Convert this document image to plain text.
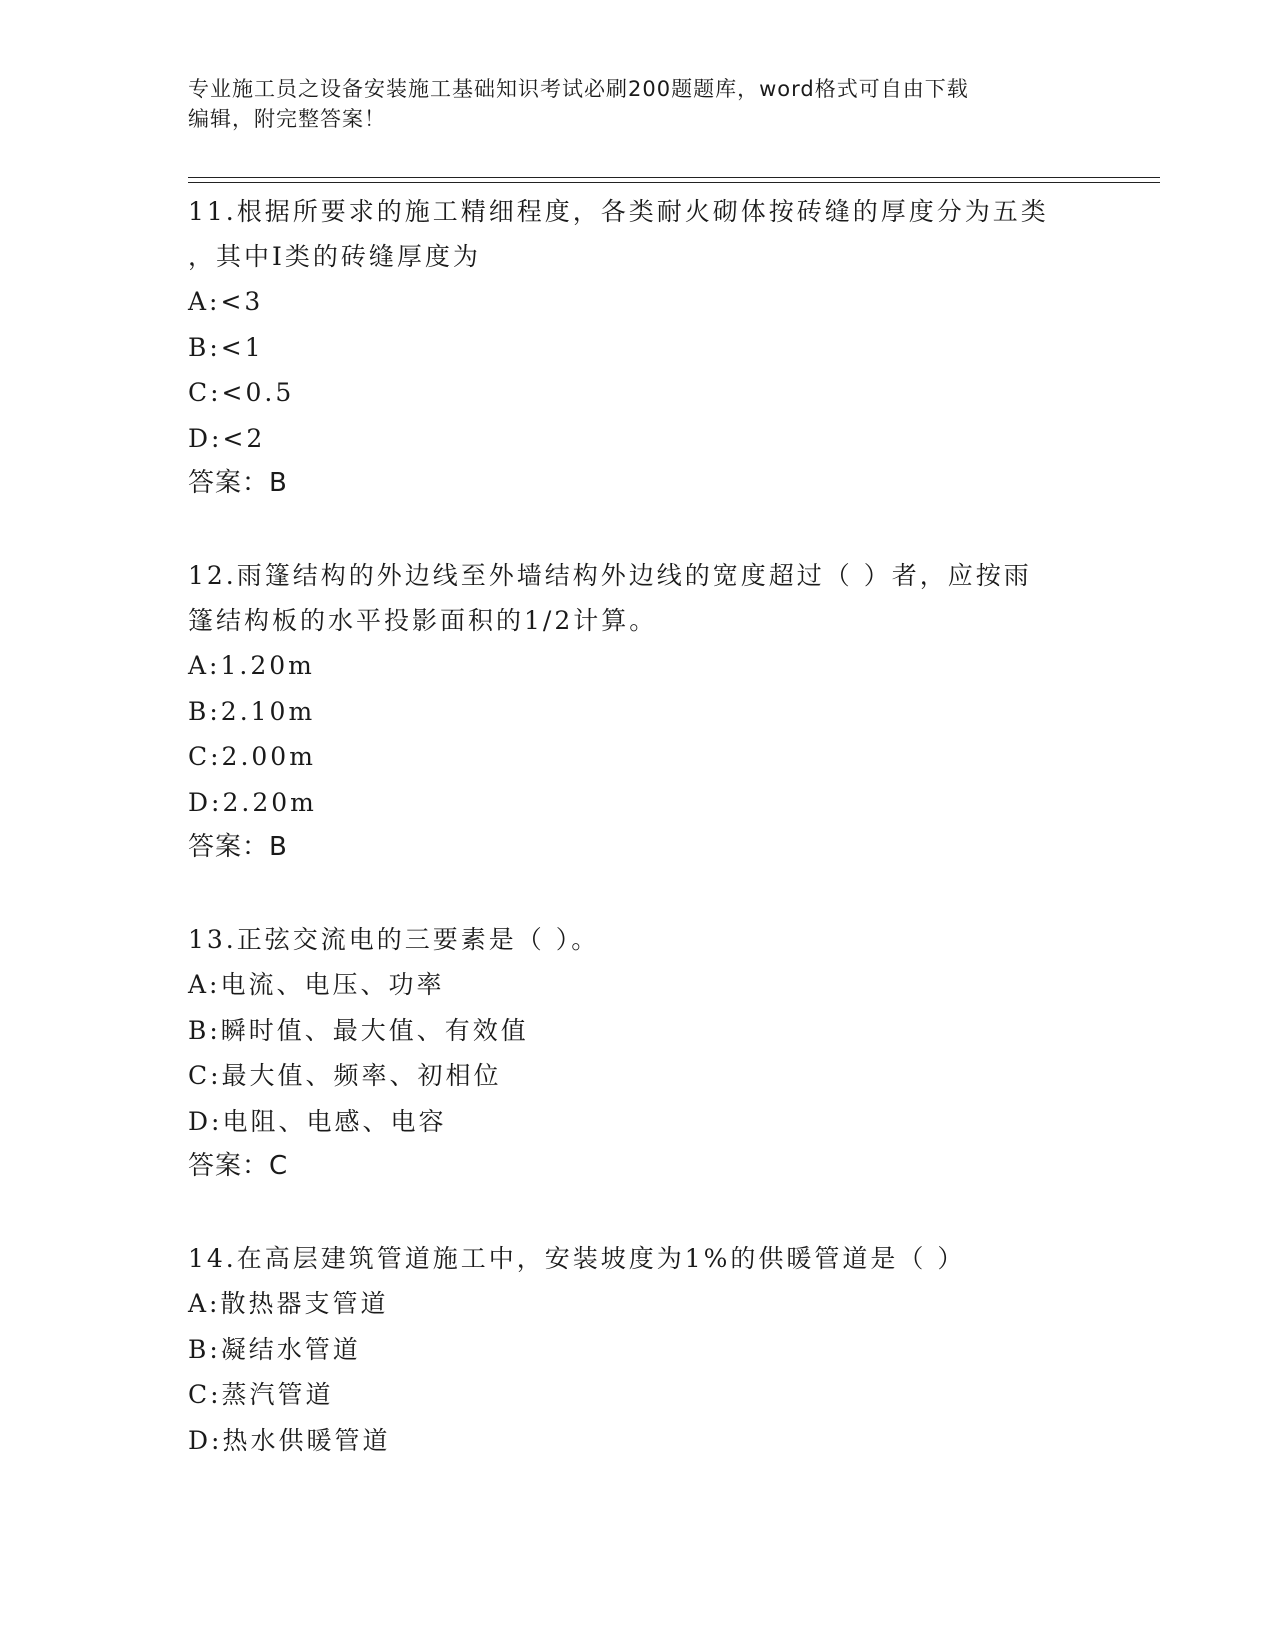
专业施工员之设备安装施工基础知识考试必刷200题题库，word格式可自由下载
编辑，附完整答案！
11.根据所要求的施工精细程度，各类耐火砌体按砖缝的厚度分为五类
，其中Ⅰ类的砖缝厚度为
A:<3
B:<1
C:<0.5
D:<2
答案：B
12.雨篷结构的外边线至外墙结构外边线的宽度超过（ ）者，应按雨
篷结构板的水平投影面积的1/2计算。
A:1.20m
B:2.10m
C:2.00m
D:2.20m
答案：B
13.正弦交流电的三要素是（ ）。
A:电流、电压、功率
B:瞬时值、最大值、有效值
C:最大值、频率、初相位
D:电阻、电感、电容
答案：C
14.在高层建筑管道施工中，安装坡度为1%的供暖管道是（ ）
A:散热器支管道
B:凝结水管道
C:蒸汽管道
D:热水供暖管道
